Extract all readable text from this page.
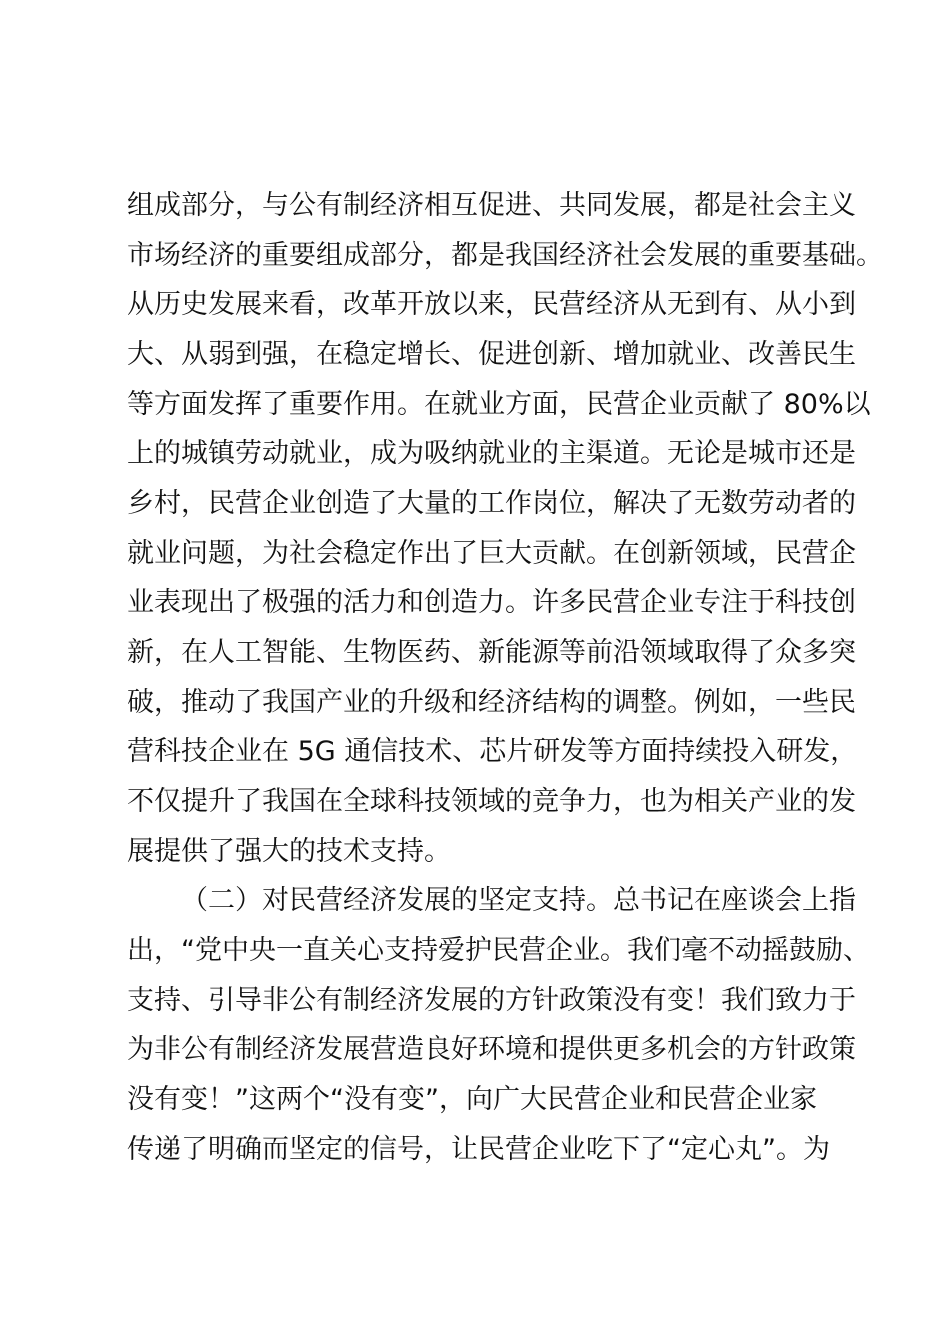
组成部分，与公有制经济相互促进、共同发展，都是社会主义
市场经济的重要组成部分，都是我国经济社会发展的重要基础。
从历史发展来看，改革开放以来，民营经济从无到有、从小到
大、从弱到强，在稳定增长、促进创新、增加就业、改善民生
等方面发挥了重要作用。在就业方面，民营企业贡献了 80%以
上的城镇劳动就业，成为吸纳就业的主渠道。无论是城市还是
乡村，民营企业创造了大量的工作岗位，解决了无数劳动者的
就业问题，为社会稳定作出了巨大贡献。在创新领域，民营企
业表现出了极强的活力和创造力。许多民营企业专注于科技创
新，在人工智能、生物医药、新能源等前沿领域取得了众多突
破，推动了我国产业的升级和经济结构的调整。例如，一些民
营科技企业在 5G 通信技术、芯片研发等方面持续投入研发，
不仅提升了我国在全球科技领域的竞争力，也为相关产业的发
展提供了强大的技术支持。
（二）对民营经济发展的坚定支持。总书记在座谈会上指
出，“党中央一直关心支持爱护民营企业。我们毫不动摇鼓励、
支持、引导非公有制经济发展的方针政策没有变！我们致力于
为非公有制经济发展营造良好环境和提供更多机会的方针政策
没有变！”这两个“没有变”，向广大民营企业和民营企业家
传递了明确而坚定的信号，让民营企业吃下了“定心丸”。为
